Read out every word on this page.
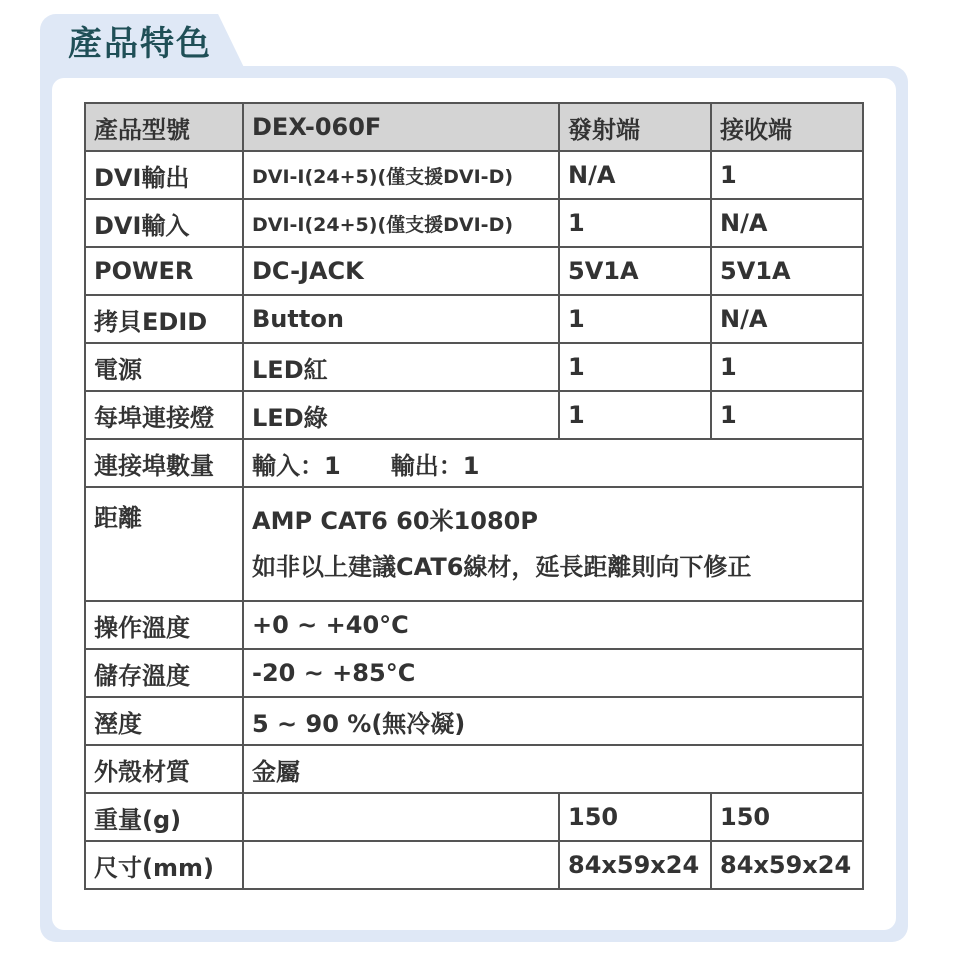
產品特色
產品型號	DEX-060F	發射端	接收端
DVI輸出	DVI-I(24+5)(僅支援DVI-D)	N/A	1
DVI輸入	DVI-I(24+5)(僅支援DVI-D)	1	N/A
POWER	DC-JACK	5V1A	5V1A
拷貝EDID	Button	1	N/A
電源	LED紅	1	1
每埠連接燈	LED綠	1	1
連接埠數量	輸入：1 輸出：1		
距離	AMP CAT6 60米1080P
如非以上建議CAT6線材，延長距離則向下修正		

操作溫度	+0 ~ +40°C		
儲存溫度	-20 ~ +85°C		
溼度	5 ~ 90 %(無冷凝)		
外殼材質	金屬		
重量(g)		150	150
尺寸(mm)		84x59x24	84x59x24
